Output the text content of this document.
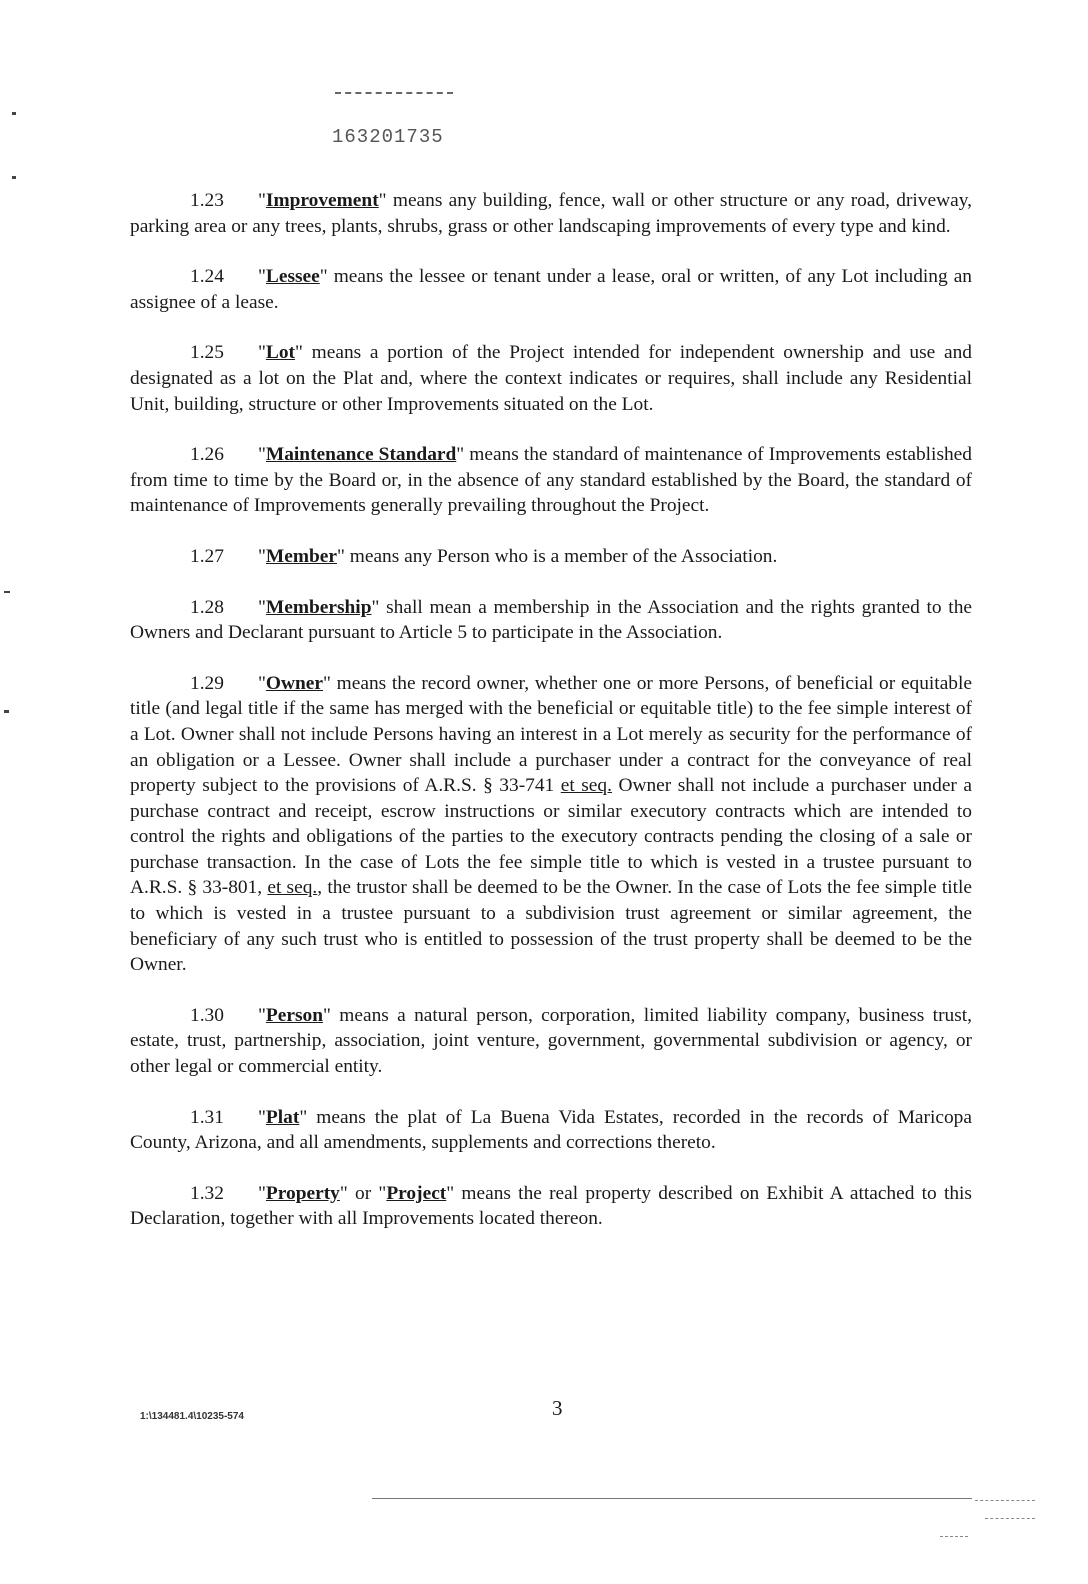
163201735

1.23 "Improvement" means any building, fence, wall or other structure or any road, driveway, parking area or any trees, plants, shrubs, grass or other landscaping improvements of every type and kind.

1.24 "Lessee" means the lessee or tenant under a lease, oral or written, of any Lot including an assignee of a lease.

1.25 "Lot" means a portion of the Project intended for independent ownership and use and designated as a lot on the Plat and, where the context indicates or requires, shall include any Residential Unit, building, structure or other Improvements situated on the Lot.

1.26 "Maintenance Standard" means the standard of maintenance of Improvements established from time to time by the Board or, in the absence of any standard established by the Board, the standard of maintenance of Improvements generally prevailing throughout the Project.

1.27 "Member" means any Person who is a member of the Association.

1.28 "Membership" shall mean a membership in the Association and the rights granted to the Owners and Declarant pursuant to Article 5 to participate in the Association.

1.29 "Owner" means the record owner, whether one or more Persons, of beneficial or equitable title (and legal title if the same has merged with the beneficial or equitable title) to the fee simple interest of a Lot. Owner shall not include Persons having an interest in a Lot merely as security for the performance of an obligation or a Lessee. Owner shall include a purchaser under a contract for the conveyance of real property subject to the provisions of A.R.S. § 33-741 et seq. Owner shall not include a purchaser under a purchase contract and receipt, escrow instructions or similar executory contracts which are intended to control the rights and obligations of the parties to the executory contracts pending the closing of a sale or purchase transaction. In the case of Lots the fee simple title to which is vested in a trustee pursuant to A.R.S. § 33-801, et seq., the trustor shall be deemed to be the Owner. In the case of Lots the fee simple title to which is vested in a trustee pursuant to a subdivision trust agreement or similar agreement, the beneficiary of any such trust who is entitled to possession of the trust property shall be deemed to be the Owner.

1.30 "Person" means a natural person, corporation, limited liability company, business trust, estate, trust, partnership, association, joint venture, government, governmental subdivision or agency, or other legal or commercial entity.

1.31 "Plat" means the plat of La Buena Vida Estates, recorded in the records of Maricopa County, Arizona, and all amendments, supplements and corrections thereto.

1.32 "Property" or "Project" means the real property described on Exhibit A attached to this Declaration, together with all Improvements located thereon.

1:\134481.4\10235-574	3
